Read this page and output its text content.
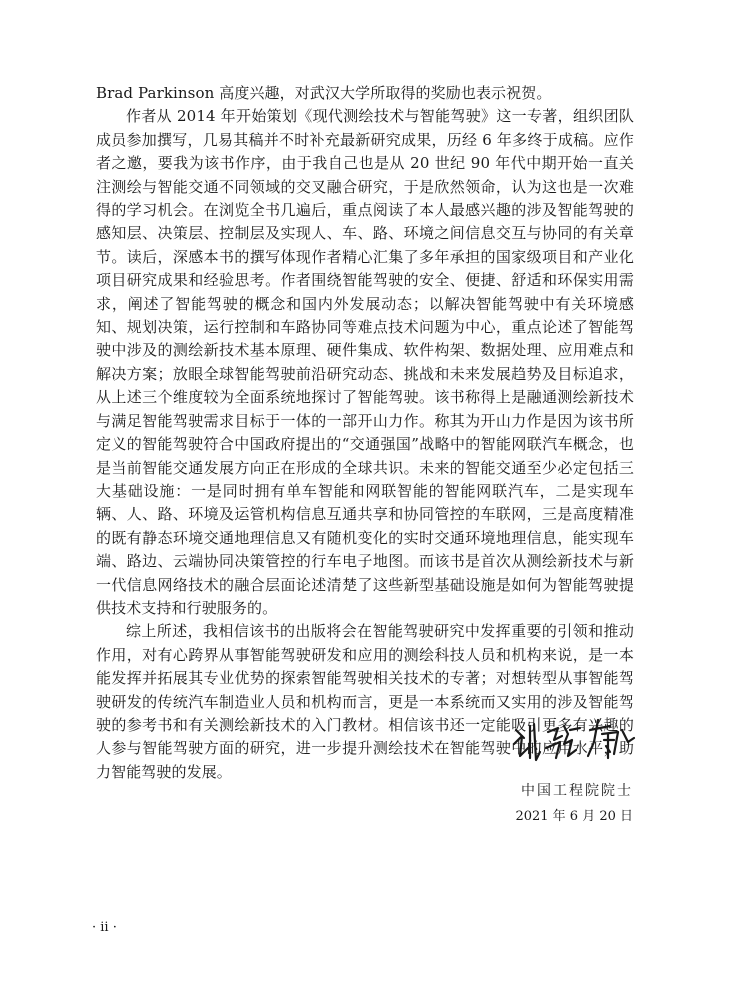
Brad Parkinson 高度兴趣，对武汉大学所取得的奖励也表示祝贺。

作者从 2014 年开始策划《现代测绘技术与智能驾驶》这一专著，组织团队成员参加撰写，几易其稿并不时补充最新研究成果，历经 6 年多终于成稿。应作者之邀，要我为该书作序，由于我自己也是从 20 世纪 90 年代中期开始一直关注测绘与智能交通不同领域的交叉融合研究，于是欣然领命，认为这也是一次难得的学习机会。在浏览全书几遍后，重点阅读了本人最感兴趣的涉及智能驾驶的感知层、决策层、控制层及实现人、车、路、环境之间信息交互与协同的有关章节。读后，深感本书的撰写体现作者精心汇集了多年承担的国家级项目和产业化项目研究成果和经验思考。作者围绕智能驾驶的安全、便捷、舒适和环保实用需求，阐述了智能驾驶的概念和国内外发展动态；以解决智能驾驶中有关环境感知、规划决策，运行控制和车路协同等难点技术问题为中心，重点论述了智能驾驶中涉及的测绘新技术基本原理、硬件集成、软件构架、数据处理、应用难点和解决方案；放眼全球智能驾驶前沿研究动态、挑战和未来发展趋势及目标追求，从上述三个维度较为全面系统地探讨了智能驾驶。该书称得上是融通测绘新技术与满足智能驾驶需求目标于一体的一部开山力作。称其为开山力作是因为该书所定义的智能驾驶符合中国政府提出的“交通强国”战略中的智能网联汽车概念，也是当前智能交通发展方向正在形成的全球共识。未来的智能交通至少必定包括三大基础设施：一是同时拥有单车智能和网联智能的智能网联汽车，二是实现车辆、人、路、环境及运管机构信息互通共享和协同管控的车联网，三是高度精准的既有静态环境交通地理信息又有随机变化的实时交通环境地理信息，能实现车端、路边、云端协同决策管控的行车电子地图。而该书是首次从测绘新技术与新一代信息网络技术的融合层面论述清楚了这些新型基础设施是如何为智能驾驶提供技术支持和行驶服务的。

综上所述，我相信该书的出版将会在智能驾驶研究中发挥重要的引领和推动作用，对有心跨界从事智能驾驶研发和应用的测绘科技人员和机构来说，是一本能发挥并拓展其专业优势的探索智能驾驶相关技术的专著；对想转型从事智能驾驶研发的传统汽车制造业人员和机构而言，更是一本系统而又实用的涉及智能驾驶的参考书和有关测绘新技术的入门教材。相信该书还一定能吸引更多有兴趣的人参与智能驾驶方面的研究，进一步提升测绘技术在智能驾驶中的应用水平，助力智能驾驶的发展。

中国工程院院士
2021 年 6 月 20 日
· ii ·
